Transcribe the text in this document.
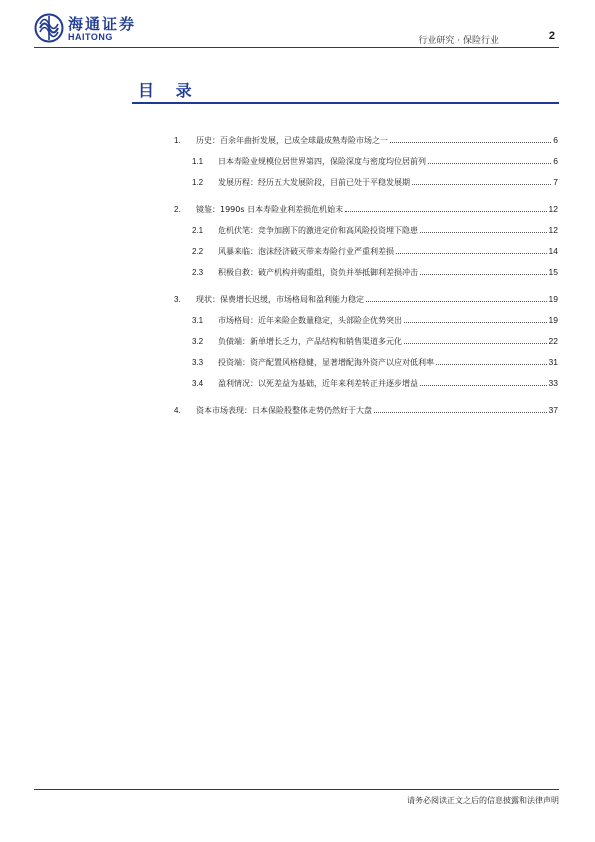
海通证券
HAITONG	行业研究 · 保险行业	2
目 录
1.	历史：百余年曲折发展，已成全球最成熟寿险市场之一	6
1.1	日本寿险业规模位居世界第四，保险深度与密度均位居前列	6
1.2	发展历程：经历五大发展阶段，目前已处于平稳发展期	7
2.	镜鉴：1990s 日本寿险业利差损危机始末	12
2.1	危机伏笔：竞争加剧下的激进定价和高风险投资埋下隐患	12
2.2	风暴来临：泡沫经济破灭带来寿险行业严重利差损	14
2.3	积极自救：破产机构并购重组，资负并举抵御利差损冲击	15
3.	现状：保费增长迟缓，市场格局和盈利能力稳定	19
3.1	市场格局：近年来险企数量稳定，头部险企优势突出	19
3.2	负债端：新单增长乏力，产品结构和销售渠道多元化	22
3.3	投资端：资产配置风格稳健，显著增配海外资产以应对低利率	31
3.4	盈利情况：以死差益为基础，近年来利差转正并逐步增益	33
4.	资本市场表现：日本保险股整体走势仍然好于大盘	37
请务必阅读正文之后的信息披露和法律声明
